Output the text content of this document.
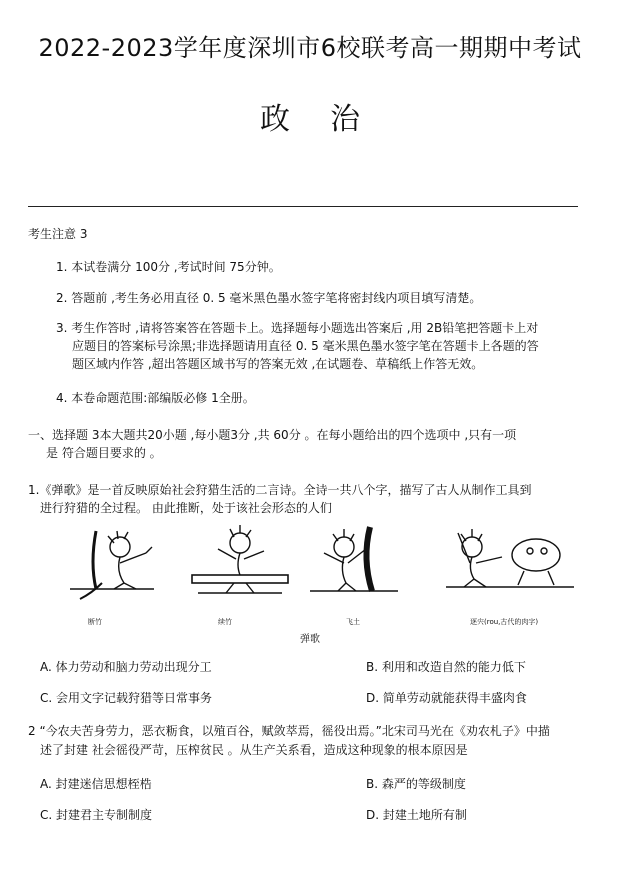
2022-2023学年度深圳市6校联考高一期期中考试
政治
考生注意 3
1. 本试卷满分 100分 ,考试时间 75分钟。
2. 答题前 ,考生务必用直径 0. 5 毫米黑色墨水签字笔将密封线内项目填写清楚。
3. 考生作答时 ,请将答案答在答题卡上。选择题每小题选出答案后 ,用 2B铅笔把答题卡上对
应题目的答案标号涂黑;非选择题请用直径 0. 5 毫米黑色墨水签字笔在答题卡上各题的答
题区域内作答 ,超出答题区域书写的答案无效 ,在试题卷、草稿纸上作答无效。
4. 本卷命题范围:部编版必修 1全册。
一、选择题 3本大题共20小题 ,每小题3分 ,共 60分 。在每小题给出的四个选项中 ,只有一项
是 符合题目要求的 。
1.《弹歌》是一首反映原始社会狩猎生活的二言诗。全诗一共八个字，描写了古人从制作工具到
进行狩猎的全过程。 由此推断，处于该社会形态的人们
断竹	续竹	飞土	逐宍(rou,古代的肉字)
弹歌
A. 体力劳动和脑力劳动出现分工	B. 利用和改造自然的能力低下
C. 会用文字记载狩猎等日常事务	D. 简单劳动就能获得丰盛肉食
2 “今农夫苦身劳力，恶衣粝食，以殖百谷，赋敛萃焉，徭役出焉。”北宋司马光在《劝农札子》中描
述了封建 社会徭役严苛，压榨贫民 。从生产关系看，造成这种现象的根本原因是
A. 封建迷信思想桎梏	B. 森严的等级制度
C. 封建君主专制制度	D. 封建土地所有制
